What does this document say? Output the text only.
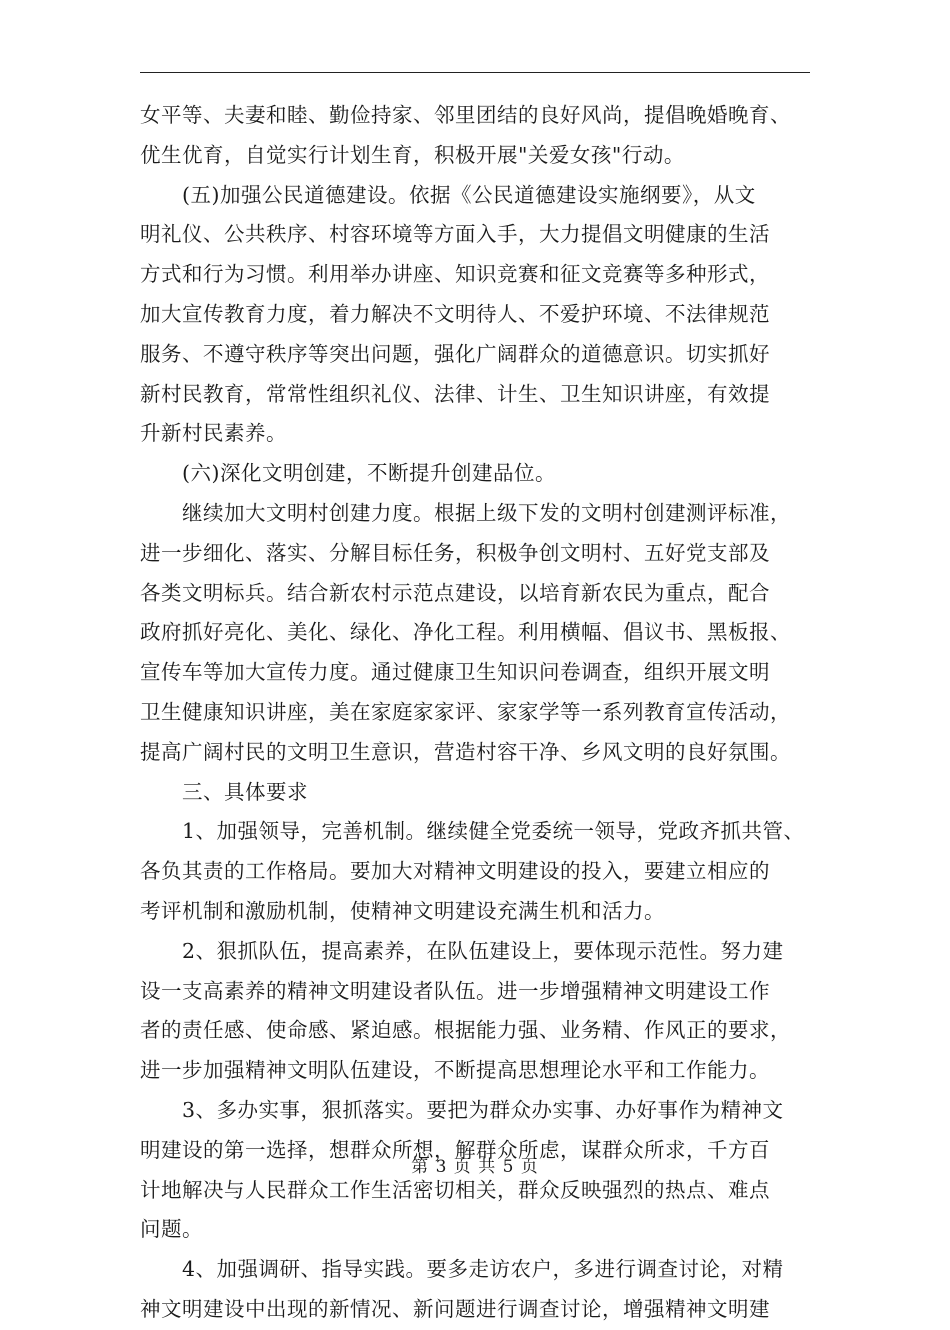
女平等、夫妻和睦、勤俭持家、邻里团结的良好风尚，提倡晚婚晚育、
优生优育，自觉实行计划生育，积极开展"关爱女孩"行动。
(五)加强公民道德建设。依据《公民道德建设实施纲要》，从文
明礼仪、公共秩序、村容环境等方面入手，大力提倡文明健康的生活
方式和行为习惯。利用举办讲座、知识竞赛和征文竞赛等多种形式，
加大宣传教育力度，着力解决不文明待人、不爱护环境、不法律规范
服务、不遵守秩序等突出问题，强化广阔群众的道德意识。切实抓好
新村民教育，常常性组织礼仪、法律、计生、卫生知识讲座，有效提
升新村民素养。
(六)深化文明创建，不断提升创建品位。
继续加大文明村创建力度。根据上级下发的文明村创建测评标准，
进一步细化、落实、分解目标任务，积极争创文明村、五好党支部及
各类文明标兵。结合新农村示范点建设，以培育新农民为重点，配合
政府抓好亮化、美化、绿化、净化工程。利用横幅、倡议书、黑板报、
宣传车等加大宣传力度。通过健康卫生知识问卷调查，组织开展文明
卫生健康知识讲座，美在家庭家家评、家家学等一系列教育宣传活动，
提高广阔村民的文明卫生意识，营造村容干净、乡风文明的良好氛围。
三、具体要求
1、加强领导，完善机制。继续健全党委统一领导，党政齐抓共管、
各负其责的工作格局。要加大对精神文明建设的投入，要建立相应的
考评机制和激励机制，使精神文明建设充满生机和活力。
2、狠抓队伍，提高素养，在队伍建设上，要体现示范性。努力建
设一支高素养的精神文明建设者队伍。进一步增强精神文明建设工作
者的责任感、使命感、紧迫感。根据能力强、业务精、作风正的要求，
进一步加强精神文明队伍建设，不断提高思想理论水平和工作能力。
3、多办实事，狠抓落实。要把为群众办实事、办好事作为精神文
明建设的第一选择，想群众所想，解群众所虑，谋群众所求，千方百
计地解决与人民群众工作生活密切相关，群众反映强烈的热点、难点
问题。
4、加强调研、指导实践。要多走访农户，多进行调查讨论，对精
神文明建设中出现的新情况、新问题进行调查讨论，增强精神文明建
第 3 页 共 5 页
